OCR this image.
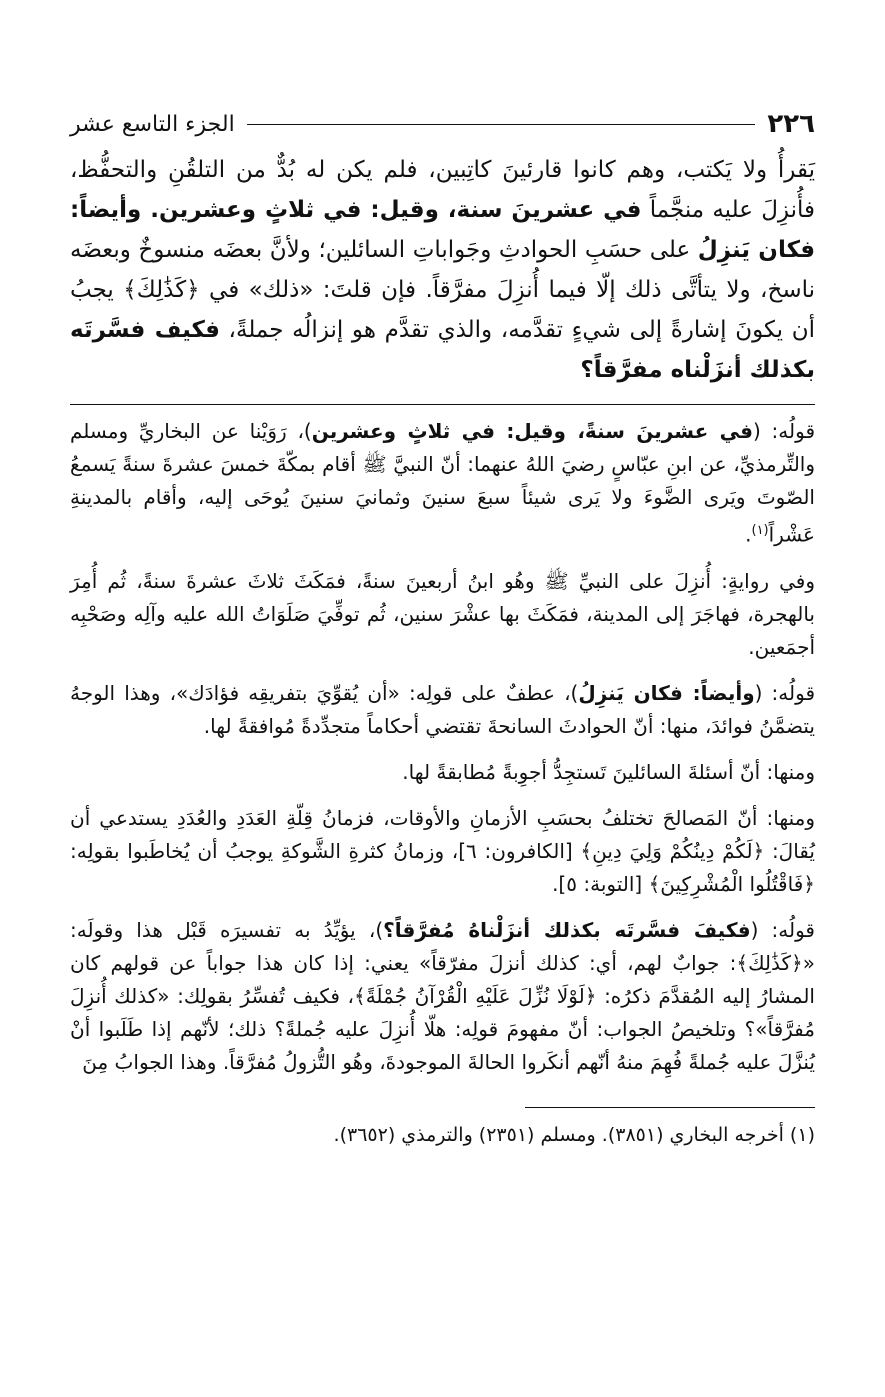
٢٢٦
الجزء التاسع عشر

يَقرأُ ولا يَكتب، وهم كانوا قارئينَ كاتِبين، فلم يكن له بُدٌّ من التلقُنِ والتحفُّظ، فأُنزِلَ عليه منجَّماً في عشرينَ سنة، وقيل: في ثلاثٍ وعشرين. وأيضاً: فكان يَنزِلُ على حسَبِ الحوادثِ وجَواباتِ السائلين؛ ولأنَّ بعضَه منسوخٌ وبعضَه ناسخ، ولا يتأتَّى ذلك إلّا فيما أُنزِلَ مفرَّقاً. فإن قلتَ: «ذلك» في ﴿كَذَٰلِكَ﴾ يجبُ أن يكونَ إشارةً إلى شيءٍ تقدَّمه، والذي تقدَّم هو إنزالُه جملةً، فكيف فسَّرتَه بكذلك أنزَلْناه مفرَّقاً؟

قولُه: (في عشرينَ سنةً، وقيل: في ثلاثٍ وعشرين)، رَوَيْنا عن البخاريِّ ومسلم والتِّرمذيِّ، عن ابنِ عبّاسٍ رضيَ اللهُ عنهما: أنّ النبيَّ ﷺ أقام بمكّةَ خمسَ عشرةَ سنةً يَسمعُ الصّوتَ ويَرى الضَّوءَ ولا يَرى شيئاً سبعَ سنينَ وثمانيَ سنينَ يُوحَى إليه، وأقام بالمدينةِ عَشْراً$^{(١)}$.

وفي روايةٍ: أُنزِلَ على النبيِّ ﷺ وهُو ابنُ أربعينَ سنةً، فمَكَثَ ثلاثَ عشرةَ سنةً، ثُم أُمِرَ بالهجرة، فهاجَرَ إلى المدينة، فمَكَثَ بها عشْرَ سنين، ثُم توفِّيَ صَلَوَاتُ الله عليه وآلِه وصَحْبِه أجمَعين.

قولُه: (وأيضاً: فكان يَنزِلُ)، عطفٌ على قولِه: «أن يُقوِّيَ بتفريقِه فؤادَك»، وهذا الوجهُ يتضمَّنُ فوائدَ، منها: أنّ الحوادثَ السانحةَ تقتضي أحكاماً متجدِّدةً مُوافقةً لها.

ومنها: أنّ أسئلةَ السائلينَ تَستجِدُّ أجوِبةً مُطابقةً لها.

ومنها: أنّ المَصالحَ تختلفُ بحسَبِ الأزمانِ والأوقات، فزمانُ قِلّةِ العَدَدِ والعُدَدِ يستدعي أن يُقالَ: ﴿لَكُمْ دِينُكُمْ وَلِيَ دِينِ﴾ [الكافرون: ٦]، وزمانُ كثرةِ الشَّوكةِ يوجبُ أن يُخاطَبوا بقولِه: ﴿فَاقْتُلُوا الْمُشْرِكِينَ﴾ [التوبة: ٥].

قولُه: (فكيفَ فسَّرتَه بكذلك أنزَلْناهُ مُفرَّقاً؟)، يؤيِّدُ به تفسيرَه قَبْل هذا وقولَه: «﴿كَذَٰلِكَ﴾: جوابٌ لهم، أي: كذلك أنزلَ مفرّقاً» يعني: إذا كان هذا جواباً عن قولهم كان المشارُ إليه المُقدَّمَ ذكرُه: ﴿لَوْلَا نُزِّلَ عَلَيْهِ الْقُرْآنُ جُمْلَةً﴾، فكيف تُفسِّرُ بقولِك: «كذلك أُنزِلَ مُفرَّقاً»؟ وتلخيصُ الجواب: أنّ مفهومَ قولِه: هلّا أُنزِلَ عليه جُملةً؟ ذلك؛ لأنّهم إذا طَلَبوا أنْ يُنزَّلَ عليه جُملةً فُهِمَ منهُ أنّهم أنكَروا الحالةَ الموجودةَ، وهُو التُّزولُ مُفرَّقاً. وهذا الجوابُ مِنَ

(١) أخرجه البخاري (٣٨٥١). ومسلم (٢٣٥١) والترمذي (٣٦٥٢).
